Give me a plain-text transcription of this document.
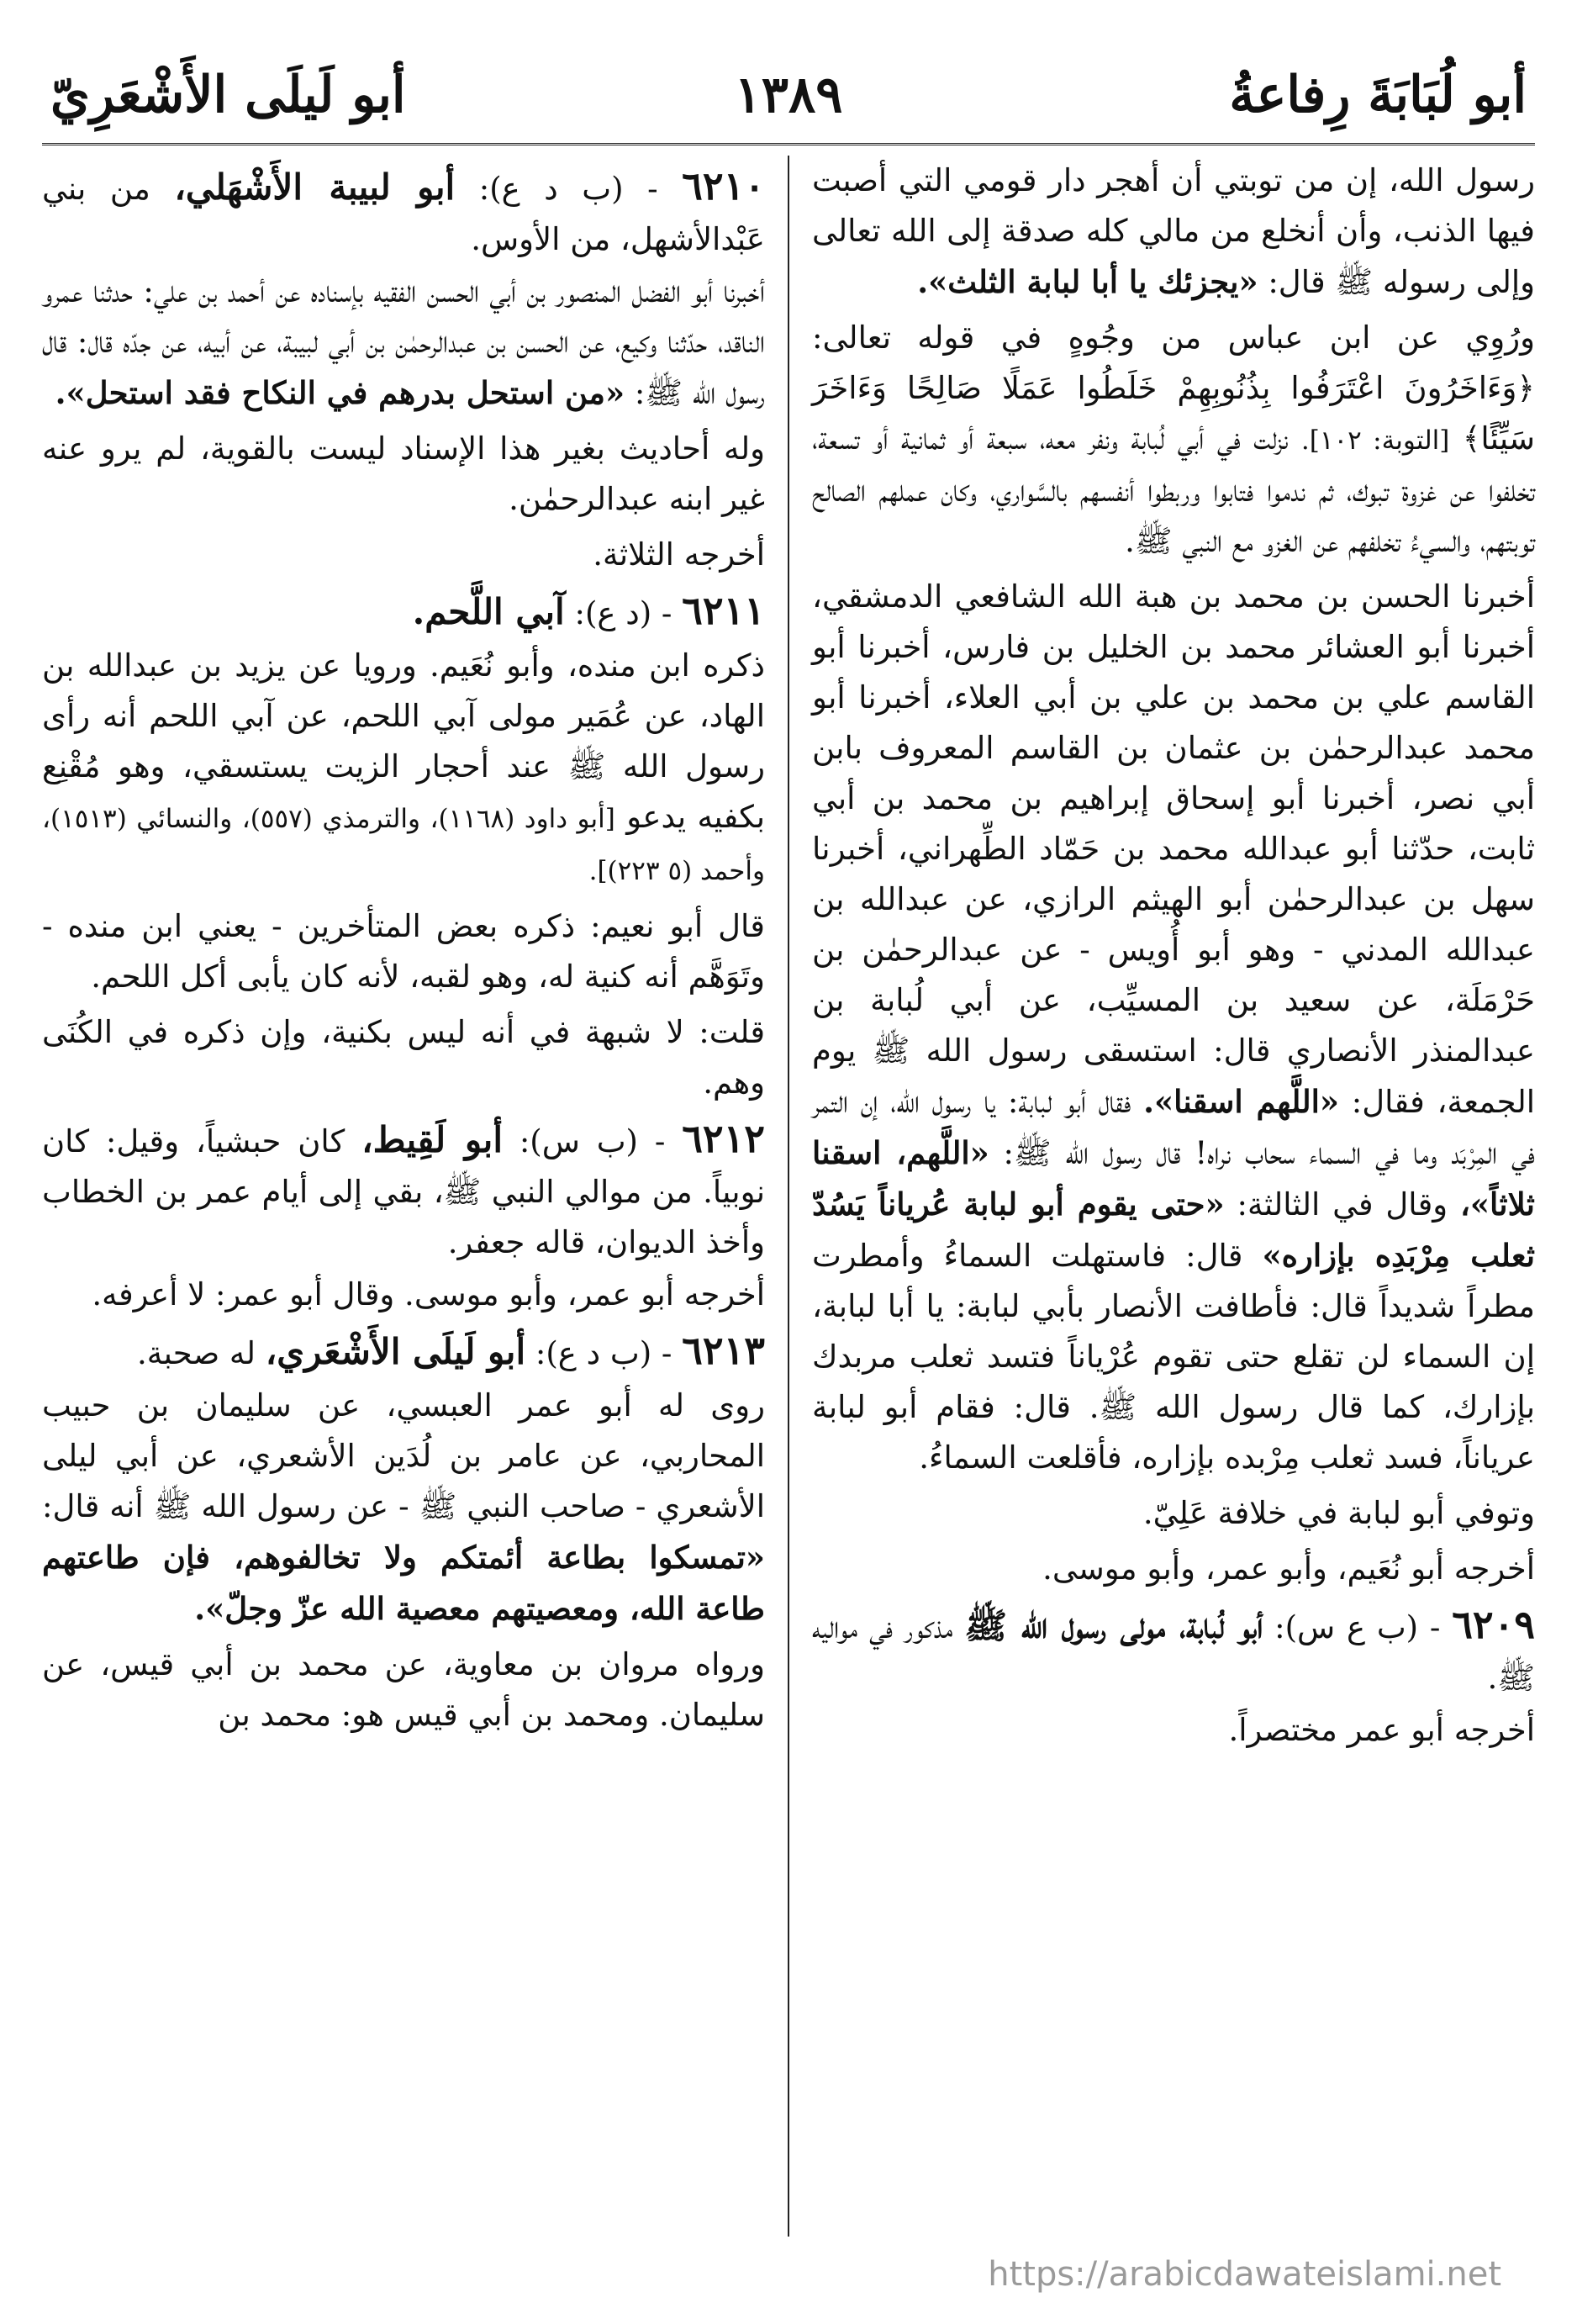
أبو لُبَابَةَ رِفاعةُ
١٣٨٩
أبو لَيلَى الأَشْعَرِيّ

رسول الله، إن من توبتي أن أهجر دار قومي التي أصبت فيها الذنب، وأن أنخلع من مالي كله صدقة إلى الله تعالى وإلى رسوله ﷺ قال: «يجزئك يا أبا لبابة الثلث».

ورُوِي عن ابن عباس من وجُوهٍ في قوله تعالى: ﴿وَءَاخَرُونَ اعْتَرَفُوا بِذُنُوبِهِمْ خَلَطُوا عَمَلًا صَالِحًا وَءَاخَرَ سَيِّئًا﴾ [التوبة: ١٠٢]. نزلت في أبي لُبابة ونفر معه، سبعة أو ثمانية أو تسعة، تخلفوا عن غزوة تبوك، ثم ندموا فتابوا وربطوا أنفسهم بالسَّواري، وكان عملهم الصالح توبتهم، والسيءُ تخلفهم عن الغزو مع النبي ﷺ.

أخبرنا الحسن بن محمد بن هبة الله الشافعي الدمشقي، أخبرنا أبو العشائر محمد بن الخليل بن فارس، أخبرنا أبو القاسم علي بن محمد بن علي بن أبي العلاء، أخبرنا أبو محمد عبدالرحمٰن بن عثمان بن القاسم المعروف بابن أبي نصر، أخبرنا أبو إسحاق إبراهيم بن محمد بن أبي ثابت، حدّثنا أبو عبدالله محمد بن حَمّاد الطِّهراني، أخبرنا سهل بن عبدالرحمٰن أبو الهيثم الرازي، عن عبدالله بن عبدالله المدني - وهو أبو أُويس - عن عبدالرحمٰن بن حَرْمَلَة، عن سعيد بن المسيِّب، عن أبي لُبابة بن عبدالمنذر الأنصاري قال: استسقى رسول الله ﷺ يوم الجمعة، فقال: «اللَّهم اسقنا». فقال أبو لبابة: يا رسول الله، إن التمر في المِرْبَد وما في السماء سحاب نراه! قال رسول الله ﷺ: «اللَّهم، اسقنا ثلاثاً»، وقال في الثالثة: «حتى يقوم أبو لبابة عُرياناً يَسُدّ ثعلب مِرْبَدِه بإزاره» قال: فاستهلت السماءُ وأمطرت مطراً شديداً قال: فأطافت الأنصار بأبي لبابة: يا أبا لبابة، إن السماء لن تقلع حتى تقوم عُرْياناً فتسد ثعلب مربدك بإزارك، كما قال رسول الله ﷺ. قال: فقام أبو لبابة عرياناً، فسد ثعلب مِرْبده بإزاره، فأقلعت السماءُ.

وتوفي أبو لبابة في خلافة عَلِيّ.

أخرجه أبو نُعَيم، وأبو عمر، وأبو موسى.

٦٢٠٩ - (ب ع س): أبو لُبابة، مولى رسول الله ﷺ مذكور في مواليه ﷺ.

أخرجه أبو عمر مختصراً.

٦٢١٠ - (ب د ع): أبو لبيبة الأَشْهَلي، من بني عَبْدالأشهل، من الأوس.

أخبرنا أبو الفضل المنصور بن أبي الحسن الفقيه بإسناده عن أحمد بن علي: حدثنا عمرو الناقد، حدّثنا وكيع، عن الحسن بن عبدالرحمٰن بن أبي لبيبة، عن أبيه، عن جدّه قال: قال رسول الله ﷺ: «من استحل بدرهم في النكاح فقد استحل».

وله أحاديث بغير هذا الإسناد ليست بالقوية، لم يرو عنه غير ابنه عبدالرحمٰن.

أخرجه الثلاثة.

٦٢١١ - (د ع): آبي اللَّحم.

ذكره ابن منده، وأبو نُعَيم. ورويا عن يزيد بن عبدالله بن الهاد، عن عُمَير مولى آبي اللحم، عن آبي اللحم أنه رأى رسول الله ﷺ عند أحجار الزيت يستسقي، وهو مُقْنِع بكفيه يدعو [أبو داود (١١٦٨)، والترمذي (٥٥٧)، والنسائي (١٥١٣)، وأحمد (٥ ٢٢٣)].

قال أبو نعيم: ذكره بعض المتأخرين - يعني ابن منده - وتَوَهَّم أنه كنية له، وهو لقبه، لأنه كان يأبى أكل اللحم.

قلت: لا شبهة في أنه ليس بكنية، وإن ذكره في الكُنَى وهم.

٦٢١٢ - (ب س): أبو لَقِيط، كان حبشياً، وقيل: كان نوبياً. من موالي النبي ﷺ، بقي إلى أيام عمر بن الخطاب وأخذ الديوان، قاله جعفر.

أخرجه أبو عمر، وأبو موسى. وقال أبو عمر: لا أعرفه.

٦٢١٣ - (ب د ع): أبو لَيلَى الأَشْعَري، له صحبة.

روى له أبو عمر العبسي، عن سليمان بن حبيب المحاربي، عن عامر بن لُدَين الأشعري، عن أبي ليلى الأشعري - صاحب النبي ﷺ - عن رسول الله ﷺ أنه قال: «تمسكوا بطاعة أئمتكم ولا تخالفوهم، فإن طاعتهم طاعة الله، ومعصيتهم معصية الله عزّ وجلّ».

ورواه مروان بن معاوية، عن محمد بن أبي قيس، عن سليمان. ومحمد بن أبي قيس هو: محمد بن

https://arabicdawateislami.net
